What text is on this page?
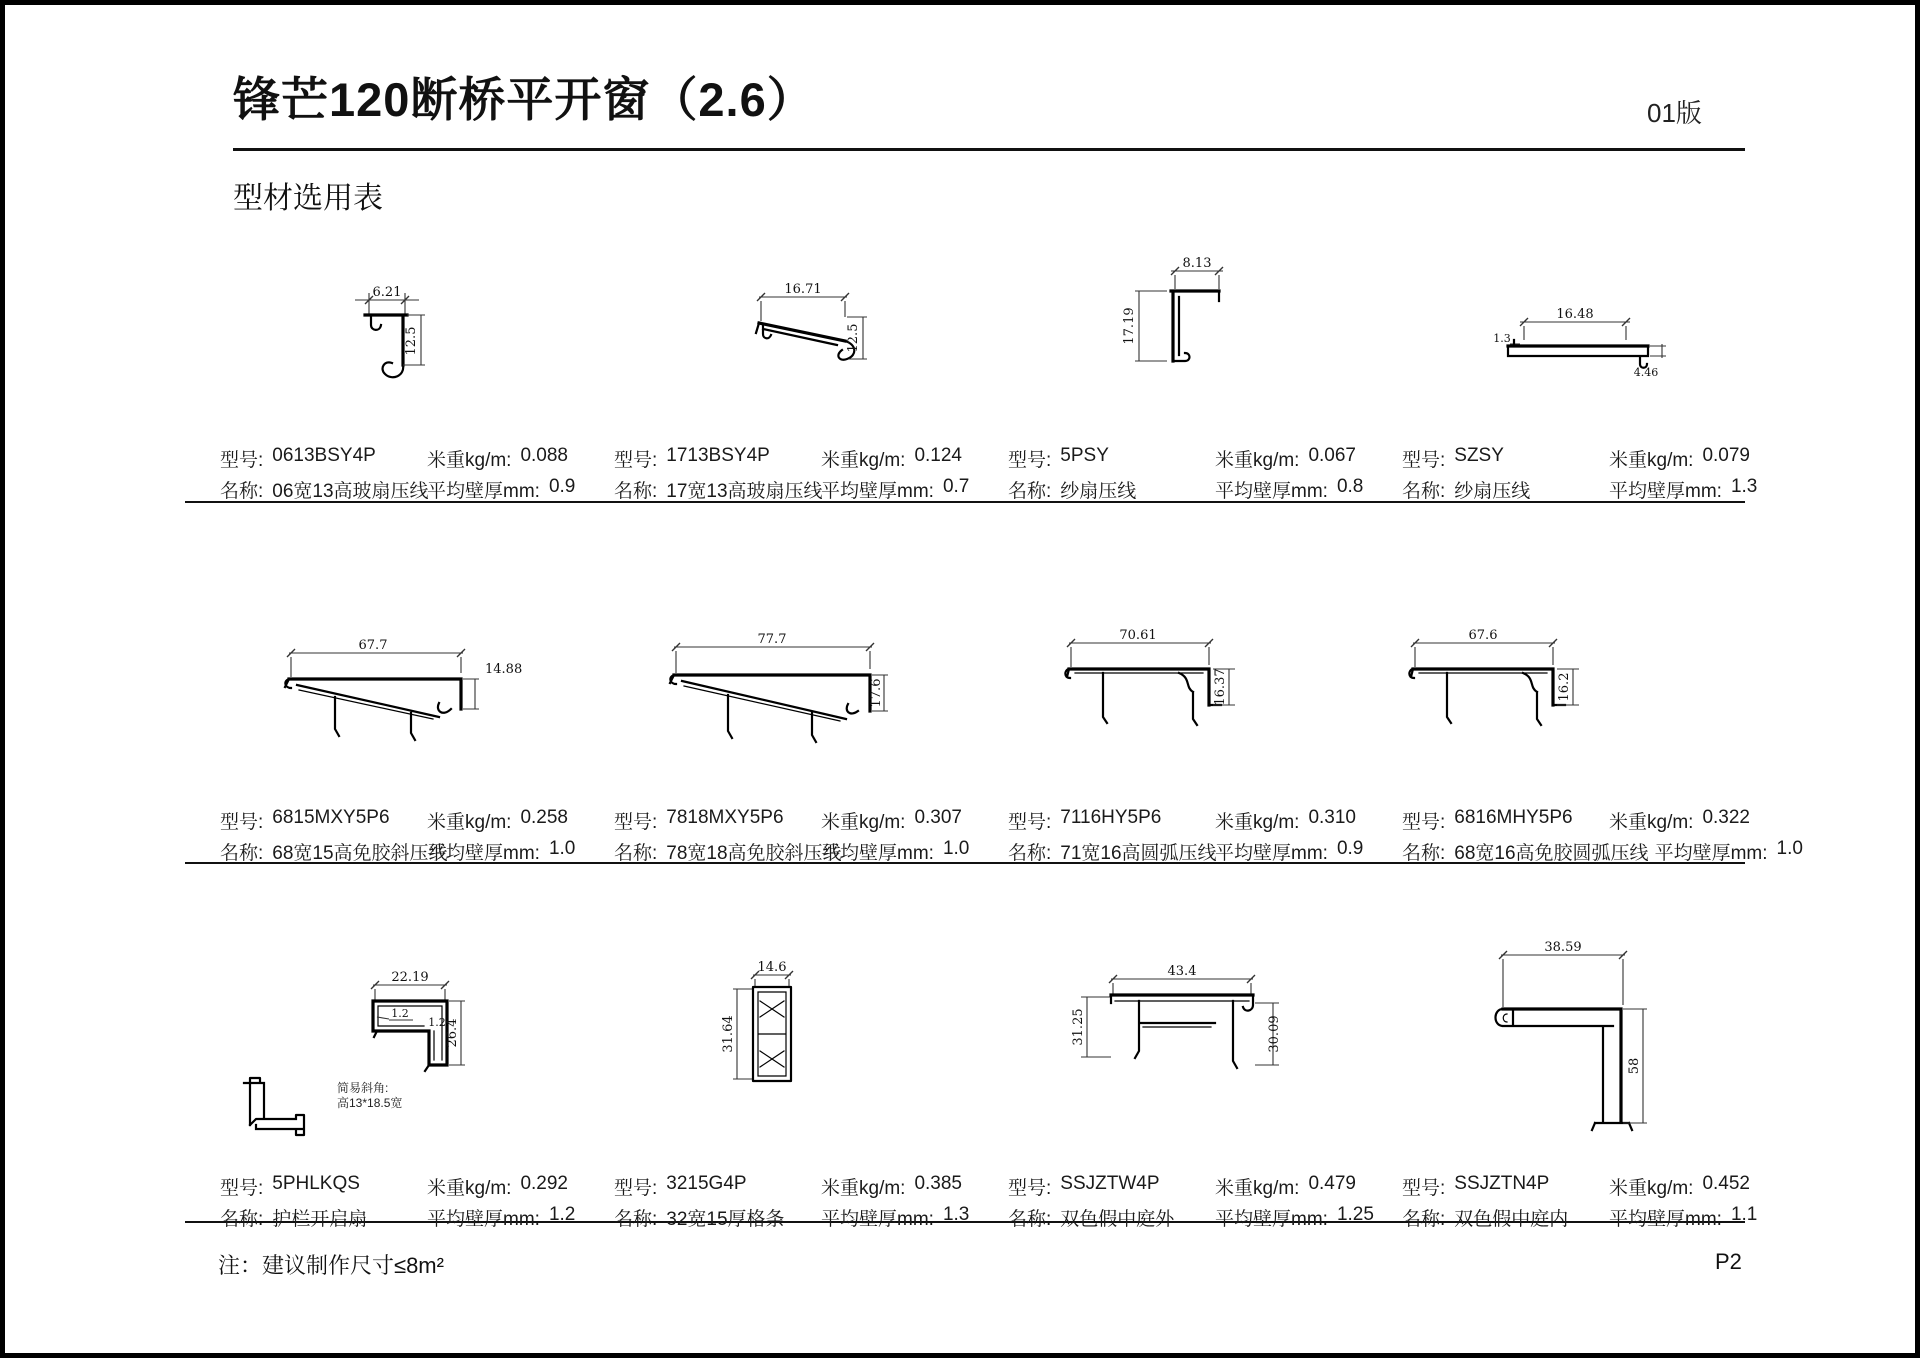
锋芒120断桥平开窗（2.6）	01版
型材选用表
注：建议制作尺寸≤8m²	P2
6.21
12.5
16.71
12.5
8.13
17.19	16.48
1.3
4.46
67.7
14.88
77.7
17.6
70.61
16.37
67.6
16.2
22.19
1.2
1.2 26.4
简易斜角:
高13*18.5宽
14.6
31.64
43.4
31.25	30.09
38.59
58
型号: 0613BSY4P	米重kg/m: 0.088
名称: 06宽13高玻扇压线
平均壁厚mm: 0.9
型号: 1713BSY4P	米重kg/m: 0.124
名称: 17宽13高玻扇压线
平均壁厚mm: 0.7
型号: 5PSY	米重kg/m: 0.067
名称: 纱扇压线	平均壁厚mm: 0.8
型号: SZSY	米重kg/m: 0.079
名称: 纱扇压线	平均壁厚mm: 1.3
型号: 6815MXY5P6 米重kg/m: 0.258
名称: 68宽15高免胶斜压线
平均壁厚mm: 1.0
型号: 7818MXY5P6 米重kg/m: 0.307
名称: 78宽18高免胶斜压线
平均壁厚mm: 1.0
型号: 7116HY5P6	米重kg/m: 0.310
名称: 71宽16高圆弧压线
平均壁厚mm: 0.9
型号: 6816MHY5P6 米重kg/m: 0.322
名称: 68宽16高免胶圆弧压线 平均壁厚mm: 1.0
型号: 5PHLKQS	米重kg/m: 0.292
名称: 护栏开启扇	平均壁厚mm: 1.2
型号: 3215G4P	米重kg/m: 0.385
名称: 32宽15厚格条 平均壁厚mm: 1.3
型号: SSJZTW4P	米重kg/m: 0.479
名称: 双色假中庭外 平均壁厚mm: 1.25
型号: SSJZTN4P	米重kg/m: 0.452
名称: 双色假中庭内 平均壁厚mm: 1.1
